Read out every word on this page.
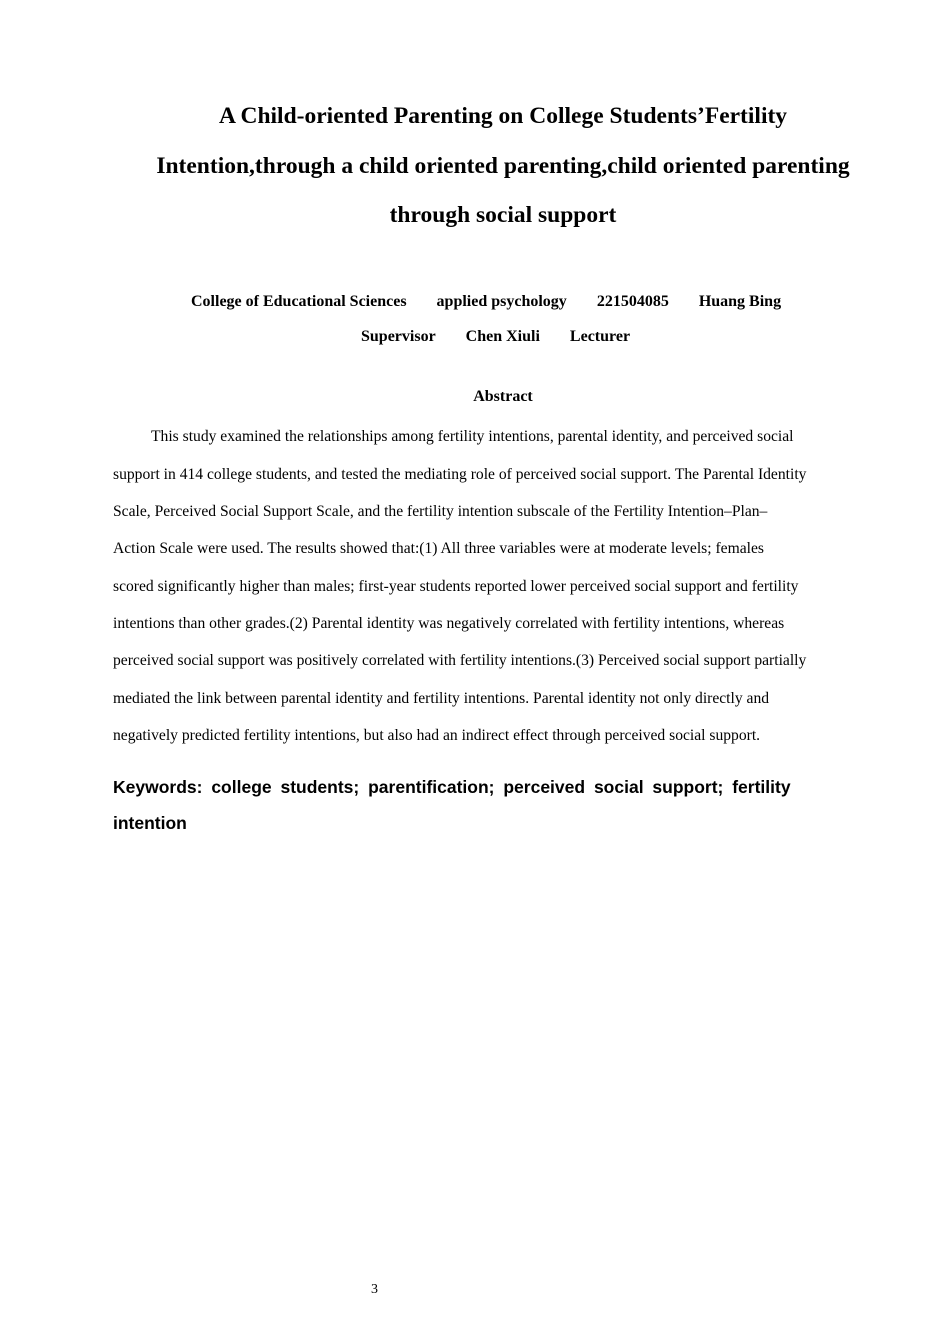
A Child-oriented Parenting on College Students’Fertility
Intention,through a child oriented parenting,child oriented parenting
through social support
College of Educational Sciences applied psychology 221504085 Huang Bing
Supervisor Chen Xiuli Lecturer
Abstract
This study examined the relationships among fertility intentions, parental identity, and perceived social
support in 414 college students, and tested the mediating role of perceived social support. The Parental Identity
Scale, Perceived Social Support Scale, and the fertility intention subscale of the Fertility Intention–Plan–
Action Scale were used. The results showed that:(1) All three variables were at moderate levels; females
scored significantly higher than males; first-year students reported lower perceived social support and fertility
intentions than other grades.(2) Parental identity was negatively correlated with fertility intentions, whereas
perceived social support was positively correlated with fertility intentions.(3) Perceived social support partially
mediated the link between parental identity and fertility intentions. Parental identity not only directly and
negatively predicted fertility intentions, but also had an indirect effect through perceived social support.
Keywords: college students; parentification; perceived social support; fertility
intention
3
